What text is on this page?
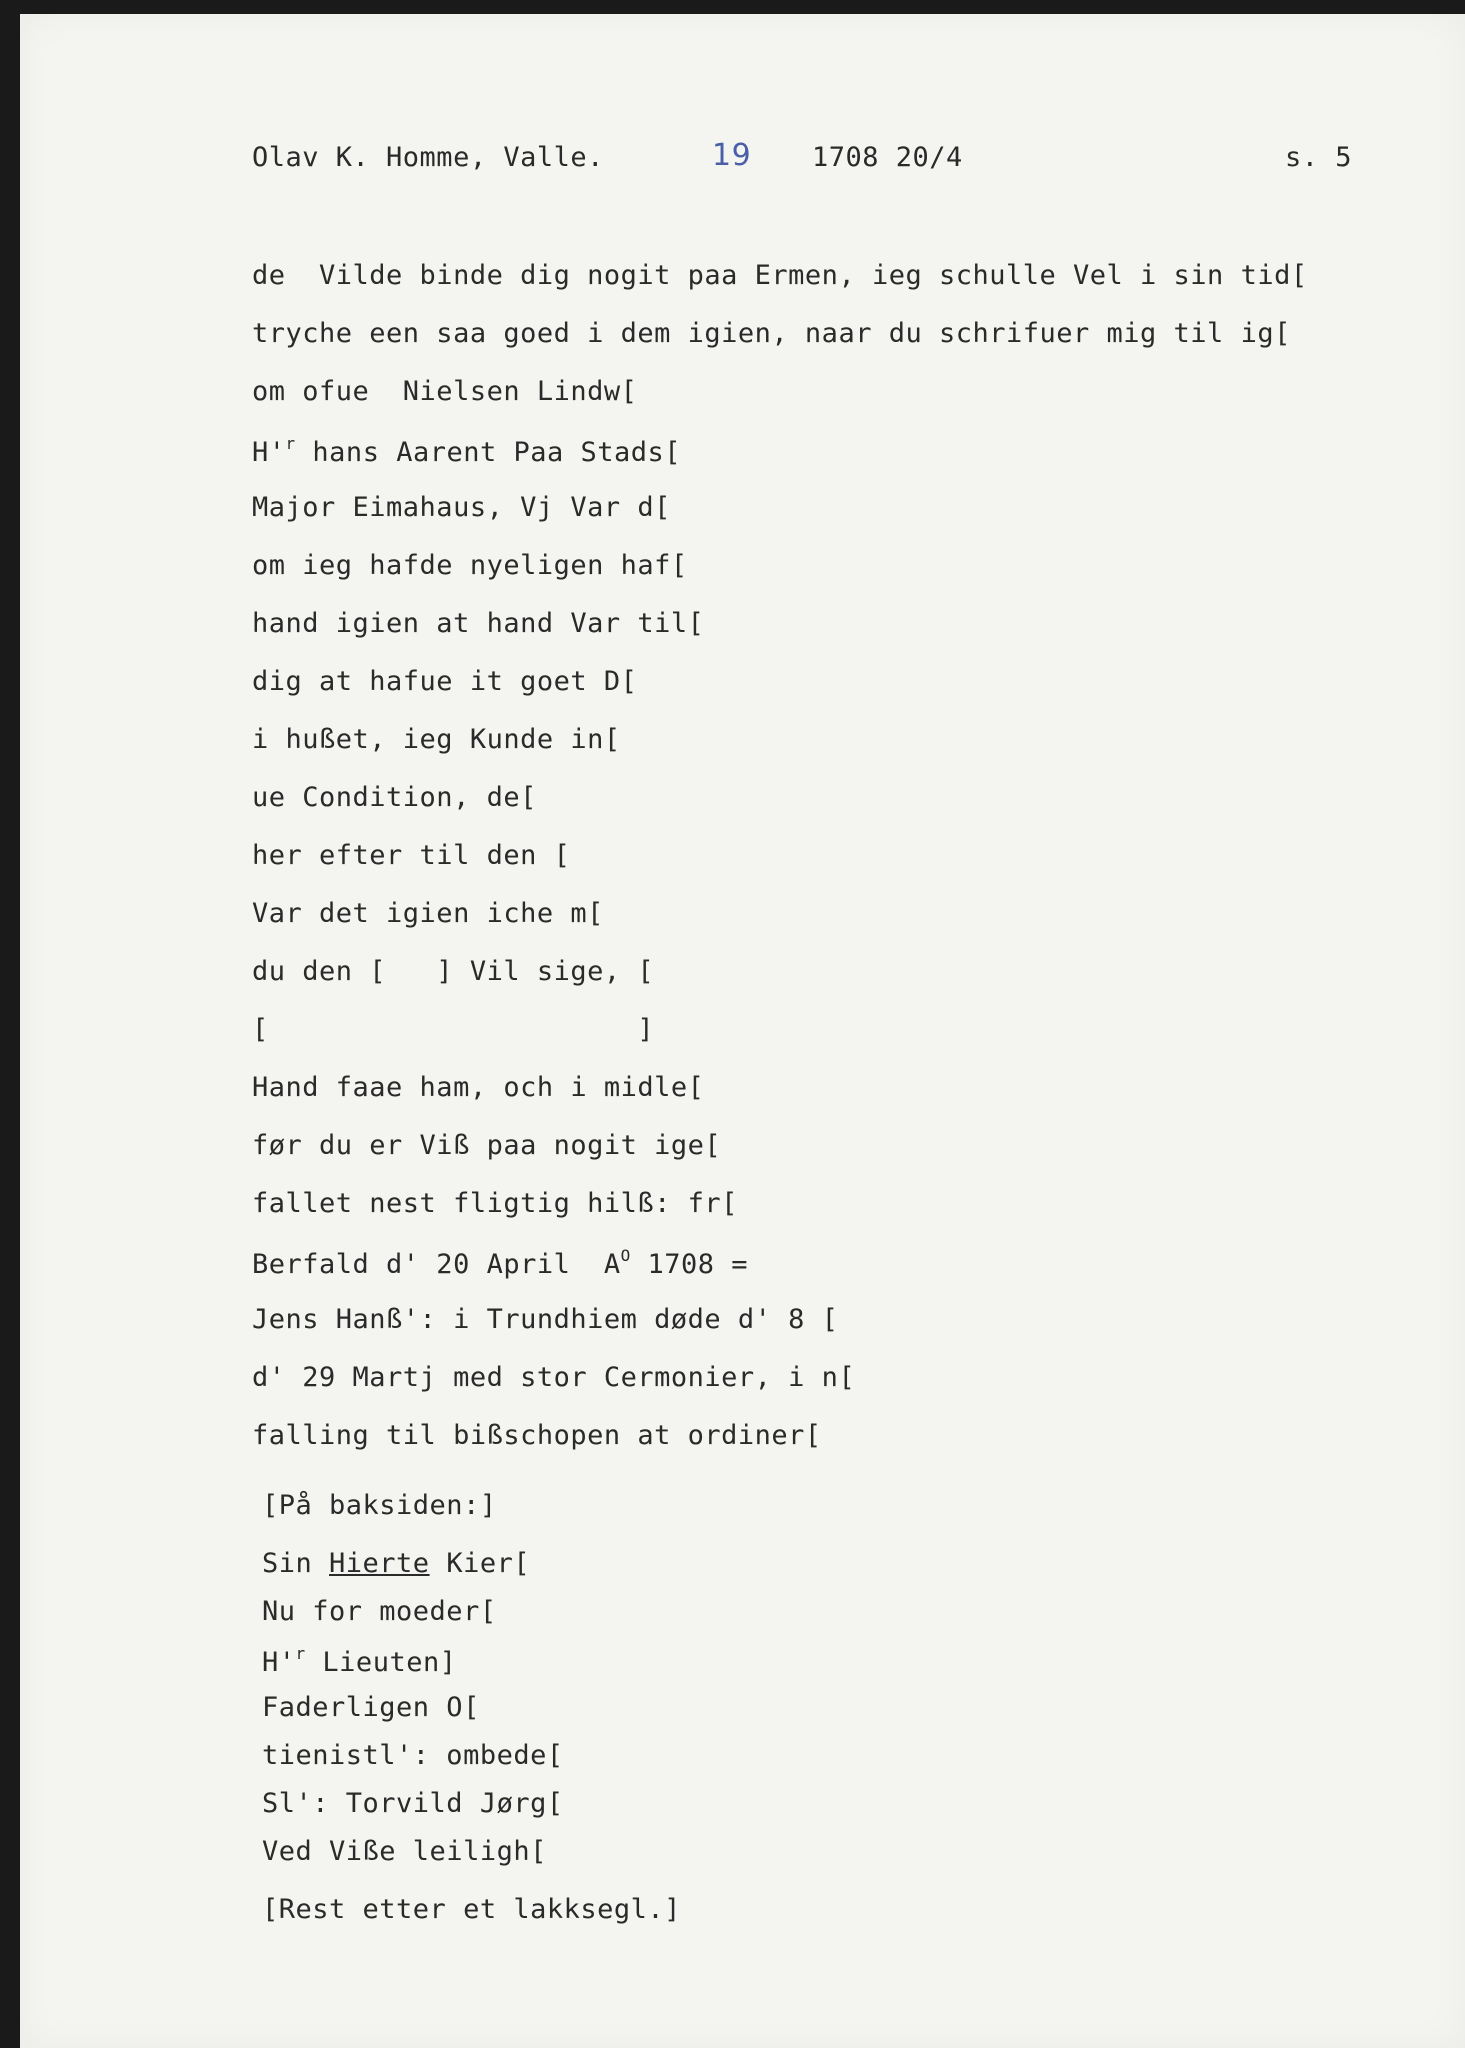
Olav K. Homme, Valle.	19 1708 20/4	s. 5
de  Vilde binde dig nogit paa Ermen, ieg schulle Vel i sin tid[
tryche een saa goed i dem igien, naar du schrifuer mig til ig[
om ofue  Nielsen Lindw[
$H'^r$ hans Aarent Paa Stads[
Major Eimahaus, Vj Var d[
om ieg hafde nyeligen haf[
hand igien at hand Var til[
dig at hafue it goet D[
i hußet, ieg Kunde in[
ue Condition, de[
her efter til den [
Var det igien iche m[
du den [   ] Vil sige, [
[                      ]
Hand faae ham, och i midle[
før du er Viß paa nogit ige[
fallet nest fligtig hilß: fr[
Berfald d' 20 April  $A^O$ 1708 =
Jens Hanß': i Trundhiem døde d' 8 [
d' 29 Martj med stor Cermonier, i n[
falling til bißschopen at ordiner[
[På baksiden:]
Sin Hierte Kier[
Nu for moeder[
$H'^r$ Lieuten]
Faderligen O[
tienistl': ombede[
Sl': Torvild Jørg[
Ved Viße leiligh[
[Rest etter et lakksegl.]
